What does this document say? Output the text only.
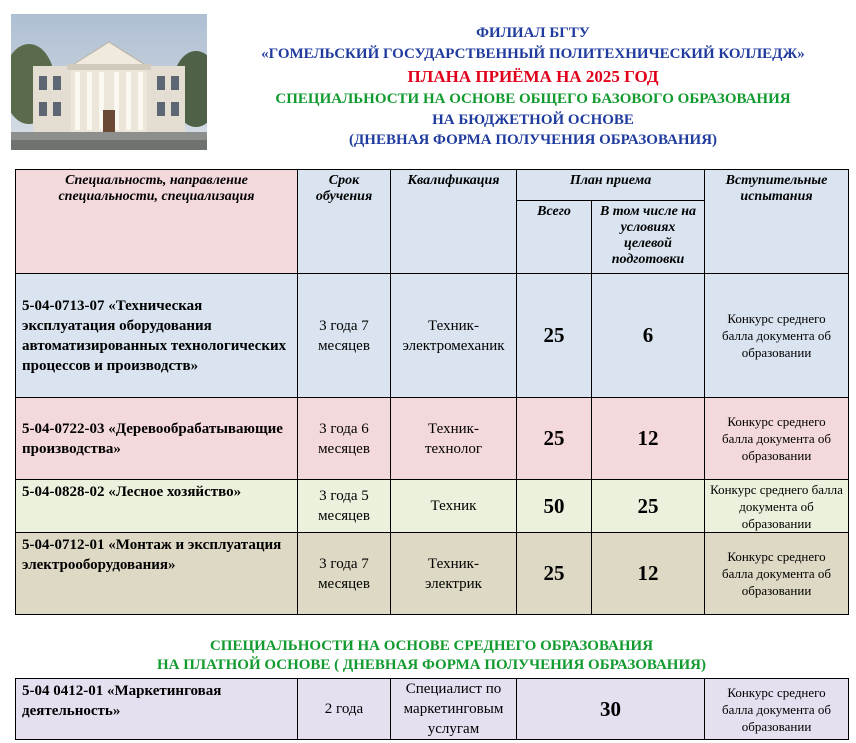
ФИЛИАЛ БГТУ
«ГОМЕЛЬСКИЙ ГОСУДАРСТВЕННЫЙ ПОЛИТЕХНИЧЕСКИЙ КОЛЛЕДЖ»
ПЛАНА ПРИЁМА НА 2025 ГОД
СПЕЦИАЛЬНОСТИ НА ОСНОВЕ ОБЩЕГО БАЗОВОГО ОБРАЗОВАНИЯ
НА БЮДЖЕТНОЙ ОСНОВЕ
(ДНЕВНАЯ ФОРМА ПОЛУЧЕНИЯ ОБРАЗОВАНИЯ)
Специальность, направление специальности, специализация	Срок обучения	Квалификация	План приема		Вступительные испытания
			Всего	В том числе на условиях целевой подготовки	
5-04-0713-07 «Техническая эксплуатация оборудования автоматизированных технологических процессов и производств»	3 года 7 месяцев	Техник-электромеханик	25	6	Конкурс среднего балла документа об образовании
5-04-0722-03 «Деревообрабатывающие производства»	3 года 6 месяцев	Техник-технолог	25	12	Конкурс среднего балла документа об образовании
5-04-0828-02 «Лесное хозяйство»	3 года 5 месяцев	Техник	50	25	Конкурс среднего балла документа об образовании
5-04-0712-01 «Монтаж и эксплуатация электрооборудования»	3 года 7 месяцев	Техник-электрик	25	12	Конкурс среднего балла документа об образовании
СПЕЦИАЛЬНОСТИ НА ОСНОВЕ СРЕДНЕГО ОБРАЗОВАНИЯ
НА ПЛАТНОЙ ОСНОВЕ ( ДНЕВНАЯ ФОРМА ПОЛУЧЕНИЯ ОБРАЗОВАНИЯ)
5-04 0412-01 «Маркетинговая деятельность»	2 года	Специалист по маркетинговым услугам	30	Конкурс среднего балла документа об образовании
